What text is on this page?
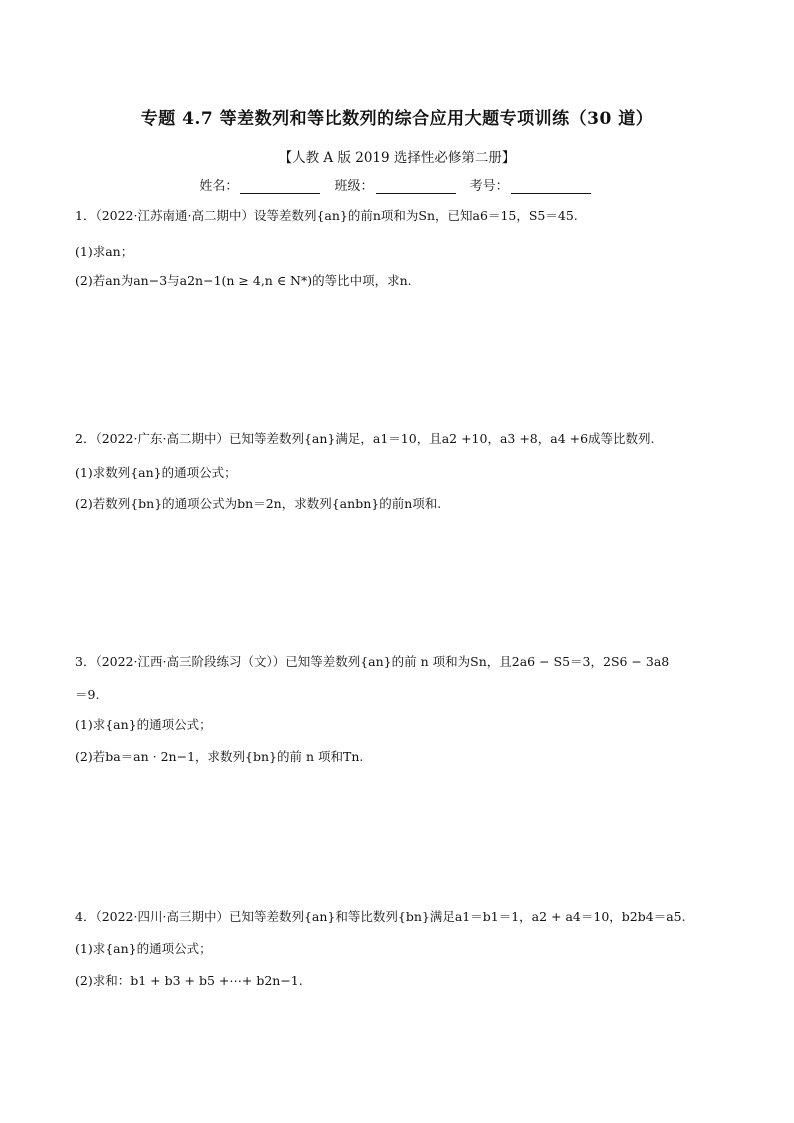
专题 4.7 等差数列和等比数列的综合应用大题专项训练（30 道）
【人教 A 版 2019 选择性必修第二册】
姓名：	班级：	考号：
1．（2022·江苏南通·高二期中）设等差数列{an}的前n项和为Sn，已知a6＝15，S5＝45.
(1)求an；
(2)若an为an−3与a2n−1(n ≥ 4,n ∈ N*)的等比中项，求n.
2．（2022·广东·高二期中）已知等差数列{an}满足，a1＝10，且a2 +10，a3 +8，a4 +6成等比数列.
(1)求数列{an}的通项公式；
(2)若数列{bn}的通项公式为bn＝2n，求数列{anbn}的前n项和.
3．（2022·江西·高三阶段练习（文））已知等差数列{an}的前 n 项和为Sn，且2a6 − S5＝3，2S6 − 3a8
＝9.
(1)求{an}的通项公式；
(2)若ba＝an · 2n−1，求数列{bn}的前 n 项和Tn.
4．（2022·四川·高三期中）已知等差数列{an}和等比数列{bn}满足a1＝b1＝1，a2 + a4＝10，b2b4＝a5.
(1)求{an}的通项公式；
(2)求和：b1 + b3 + b5 +⋯+ b2n−1.
